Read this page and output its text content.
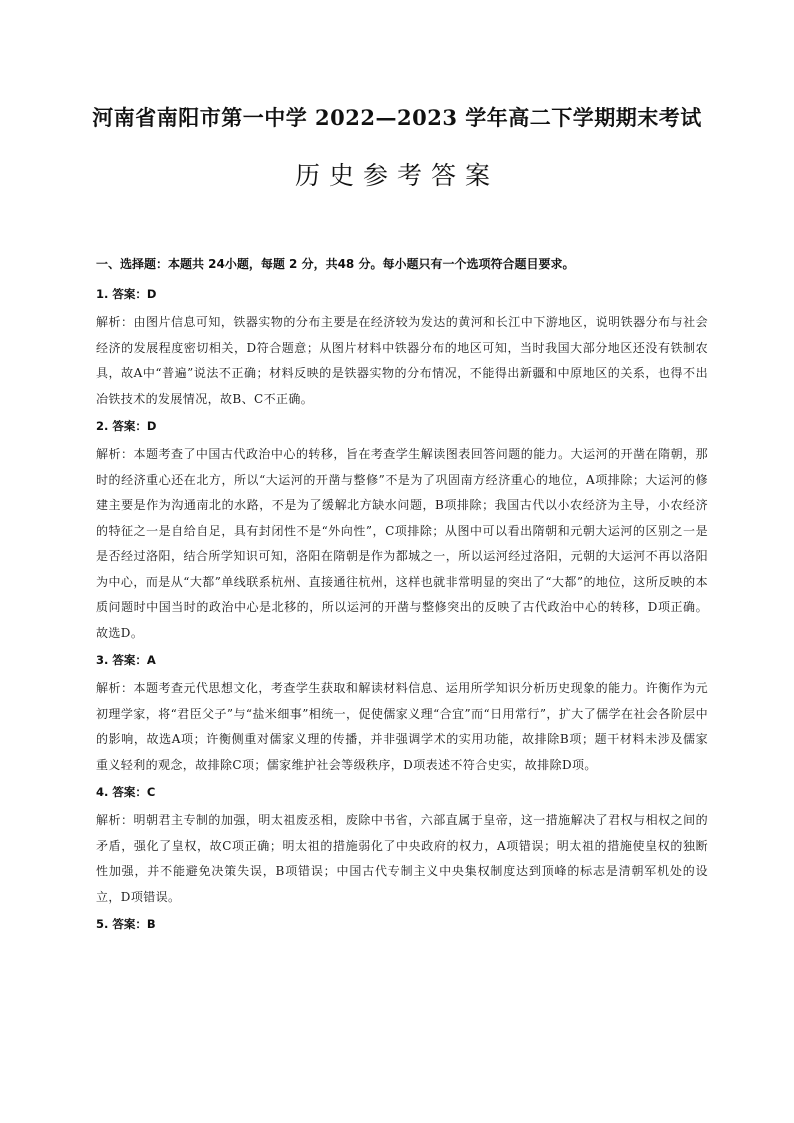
河南省南阳市第一中学 2022—2023 学年高二下学期期末考试
历史参考答案
一、选择题：本题共 24小题，每题 2 分，共48 分。每小题只有一个选项符合题目要求。
1. 答案：D
解析：由图片信息可知，铁器实物的分布主要是在经济较为发达的黄河和长江中下游地区，说明铁器分布与社会经济的发展程度密切相关，D符合题意；从图片材料中铁器分布的地区可知，当时我国大部分地区还没有铁制农具，故A中“普遍”说法不正确；材料反映的是铁器实物的分布情况，不能得出新疆和中原地区的关系，也得不出冶铁技术的发展情况，故B、C不正确。
2. 答案：D
解析：本题考查了中国古代政治中心的转移，旨在考查学生解读图表回答问题的能力。大运河的开凿在隋朝，那时的经济重心还在北方，所以“大运河的开凿与整修”不是为了巩固南方经济重心的地位，A项排除；大运河的修建主要是作为沟通南北的水路，不是为了缓解北方缺水问题，B项排除；我国古代以小农经济为主导，小农经济的特征之一是自给自足，具有封闭性不是“外向性”，C项排除；从图中可以看出隋朝和元朝大运河的区别之一是是否经过洛阳，结合所学知识可知，洛阳在隋朝是作为都城之一，所以运河经过洛阳，元朝的大运河不再以洛阳为中心，而是从“大都”单线联系杭州、直接通往杭州，这样也就非常明显的突出了“大都”的地位，这所反映的本质问题时中国当时的政治中心是北移的，所以运河的开凿与整修突出的反映了古代政治中心的转移，D项正确。故选D。
3. 答案：A
解析：本题考查元代思想文化，考查学生获取和解读材料信息、运用所学知识分析历史现象的能力。许衡作为元初理学家，将“君臣父子”与“盐米细事”相统一，促使儒家义理“合宜”而“日用常行”，扩大了儒学在社会各阶层中的影响，故选A项；许衡侧重对儒家义理的传播，并非强调学术的实用功能，故排除B项；题干材料未涉及儒家重义轻利的观念，故排除C项；儒家维护社会等级秩序，D项表述不符合史实，故排除D项。
4. 答案：C
解析：明朝君主专制的加强，明太祖废丞相，废除中书省，六部直属于皇帝，这一措施解决了君权与相权之间的矛盾，强化了皇权，故C项正确；明太祖的措施弱化了中央政府的权力，A项错误；明太祖的措施使皇权的独断性加强，并不能避免决策失误，B项错误；中国古代专制主义中央集权制度达到顶峰的标志是清朝军机处的设立，D项错误。
5. 答案：B
